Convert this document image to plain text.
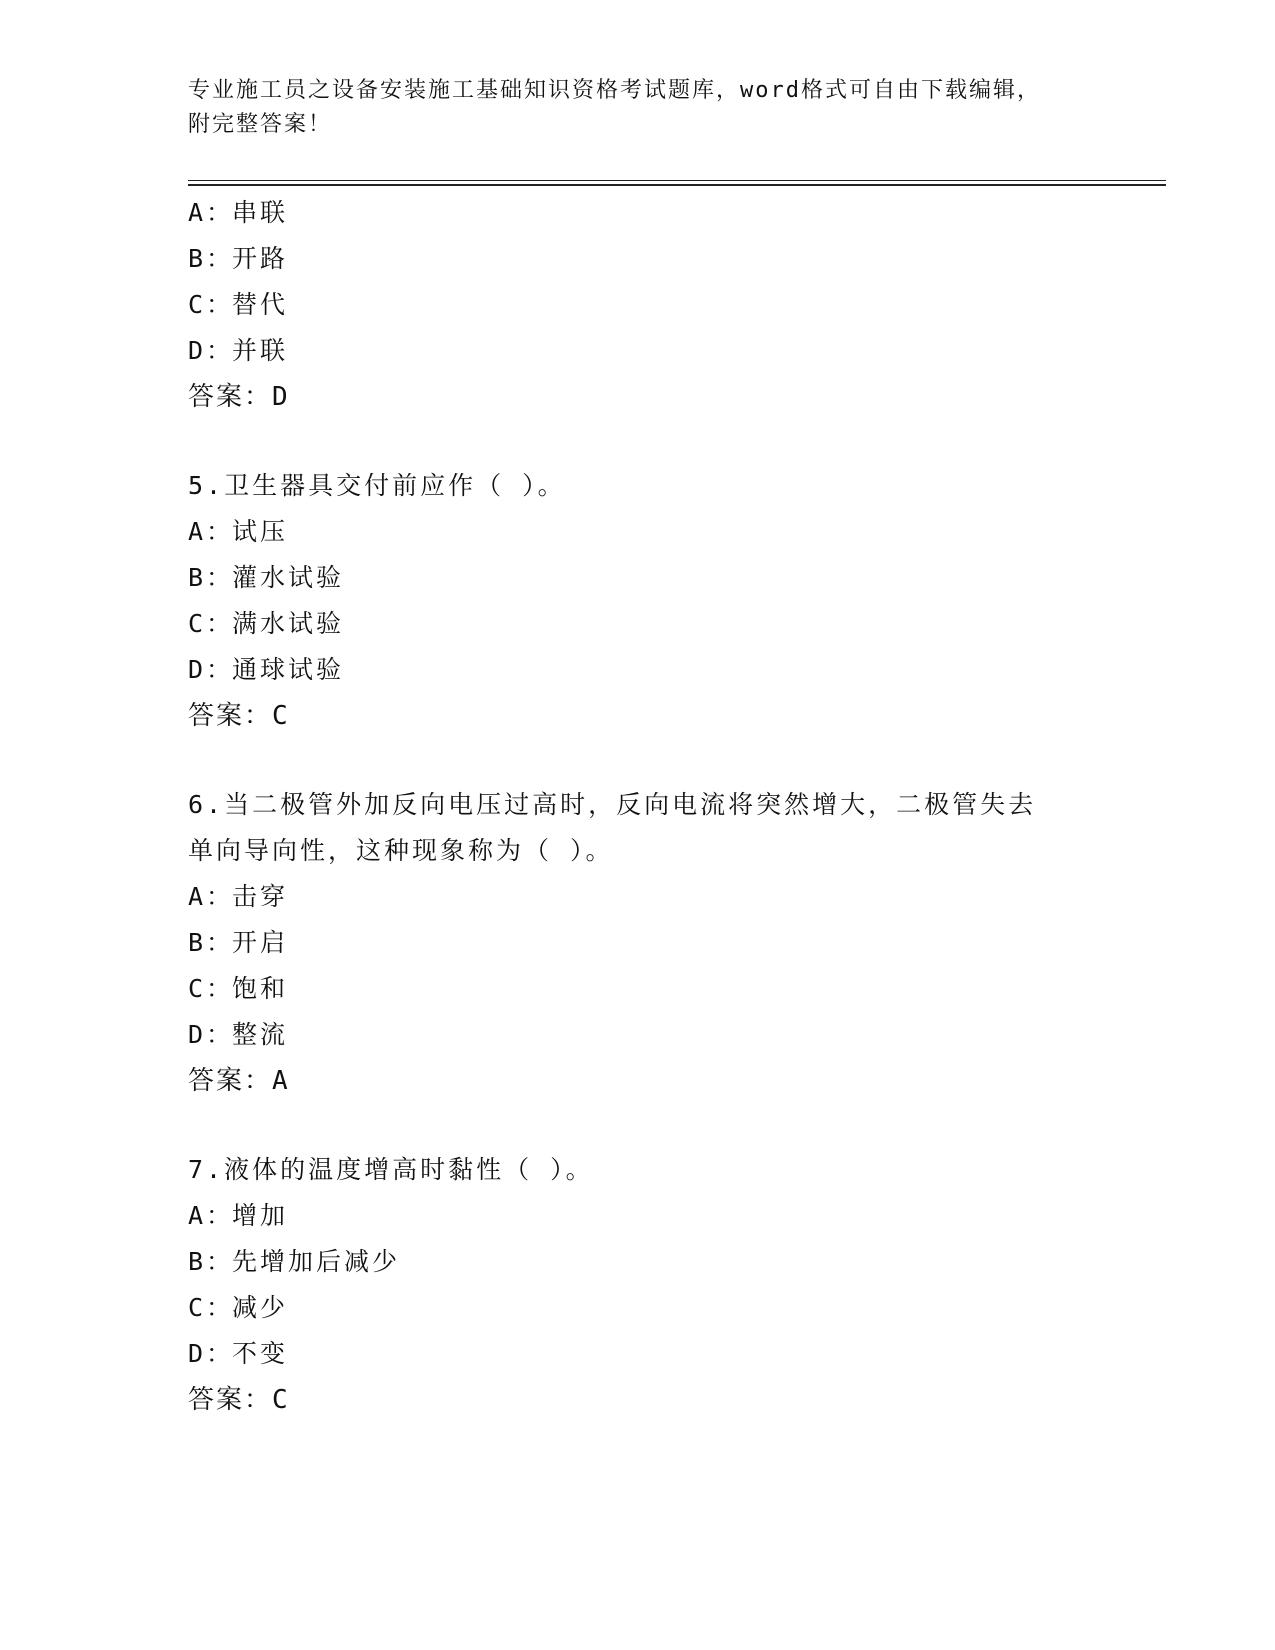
专业施工员之设备安装施工基础知识资格考试题库，word格式可自由下载编辑，
附完整答案！
A：串联
B：开路
C：替代
D：并联
答案：D
5.卫生器具交付前应作（ ）。
A：试压
B：灌水试验
C：满水试验
D：通球试验
答案：C
6.当二极管外加反向电压过高时，反向电流将突然增大，二极管失去
单向导向性，这种现象称为（ ）。
A：击穿
B：开启
C：饱和
D：整流
答案：A
7.液体的温度增高时黏性（ ）。
A：增加
B：先增加后减少
C：减少
D：不变
答案：C
